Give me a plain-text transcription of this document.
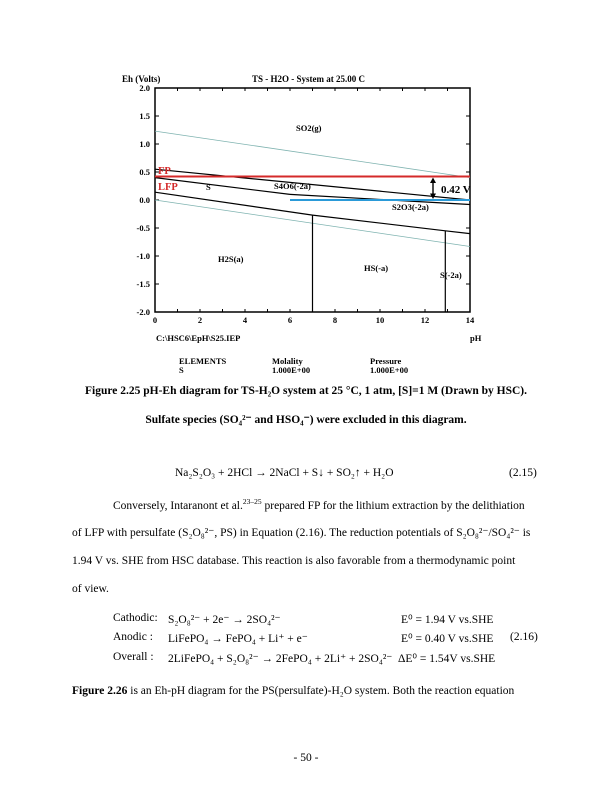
Eh (Volts)	TS - H2O - System at 25.00 C
2.0
1.5
1.0
0.5
0.0
-0.5
-1.0
-1.5
-2.0
0	2	4	6	8	10	12	14
C:\HSC6\EpH\S25.IEP	pH
0.42 V
FP
LFP
SO2(g)
S	S4O6(-2a)
S2O3(-2a)
H2S(a)
HS(-a)
S(-2a)
ELEMENTS
S
Molality
1.000E+00
Pressure
1.000E+00
Figure 2.25 pH-Eh diagram for TS-H₂O system at 25 °C, 1 atm, [S]=1 M (Drawn by HSC).
Sulfate species (SO₄²⁻ and HSO₄⁻) were excluded in this diagram.
Na₂S₂O₃ + 2HCl → 2NaCl + S↓ + SO₂↑ + H₂O	(2.15)
Conversely, Intaranont et al.$^{23-25}$ prepared FP for the lithium extraction by the delithiation
of LFP with persulfate (S₂O₈²⁻, PS) in Equation (2.16). The reduction potentials of S₂O₈²⁻/SO₄²⁻ is
1.94 V vs. SHE from HSC database. This reaction is also favorable from a thermodynamic point
of view.
Cathodic: S₂O₈²⁻ + 2e⁻ → 2SO₄²⁻	E⁰ = 1.94 V vs.SHE
Anodic : LiFePO₄ → FePO₄ + Li⁺ + e⁻	E⁰ = 0.40 V vs.SHE (2.16)
Overall : 2LiFePO₄ + S₂O₈²⁻ → 2FePO₄ + 2Li⁺ + 2SO₄²⁻ ΔE⁰ = 1.54V vs.SHE
Figure 2.26 is an Eh-pH diagram for the PS(persulfate)-H₂O system. Both the reaction equation
- 50 -
